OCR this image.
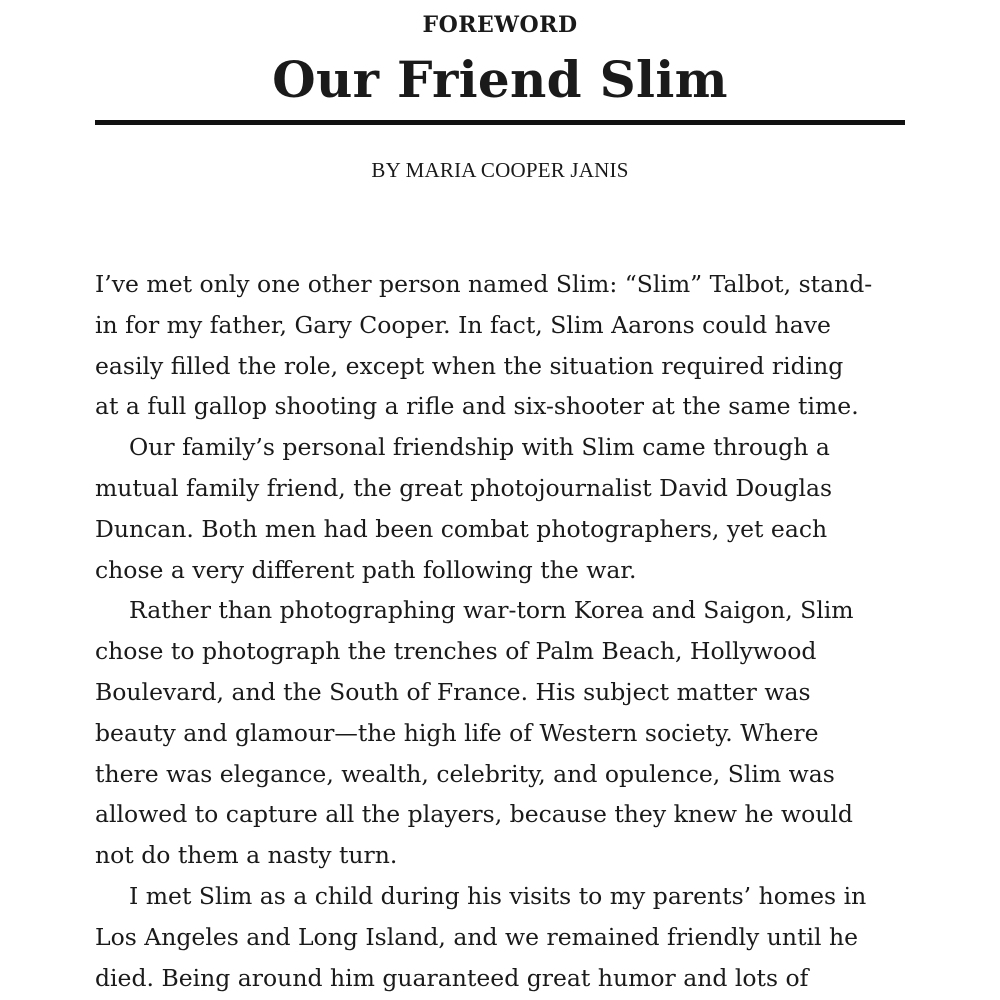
FOREWORD
Our Friend Slim
BY MARIA COOPER JANIS
I’ve met only one other person named Slim: “Slim” Talbot, stand-
in for my father, Gary Cooper. In fact, Slim Aarons could have
easily filled the role, except when the situation required riding
at a full gallop shooting a rifle and six-shooter at the same time.
Our family’s personal friendship with Slim came through a
mutual family friend, the great photojournalist David Douglas
Duncan. Both men had been combat photographers, yet each
chose a very different path following the war.
Rather than photographing war-torn Korea and Saigon, Slim
chose to photograph the trenches of Palm Beach, Hollywood
Boulevard, and the South of France. His subject matter was
beauty and glamour—the high life of Western society. Where
there was elegance, wealth, celebrity, and opulence, Slim was
allowed to capture all the players, because they knew he would
not do them a nasty turn.
I met Slim as a child during his visits to my parents’ homes in
Los Angeles and Long Island, and we remained friendly until he
died. Being around him guaranteed great humor and lots of
